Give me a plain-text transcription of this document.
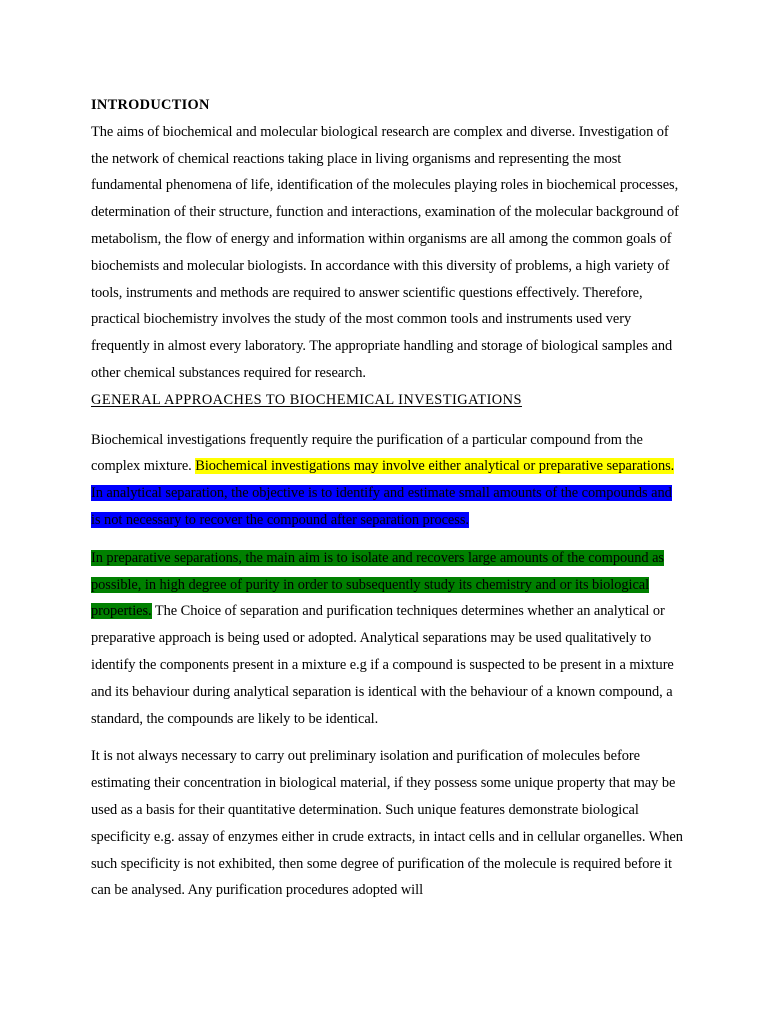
INTRODUCTION

The aims of biochemical and molecular biological research are complex and diverse. Investigation of the network of chemical reactions taking place in living organisms and representing the most fundamental phenomena of life, identification of the molecules playing roles in biochemical processes, determination of their structure, function and interactions, examination of the molecular background of metabolism, the flow of energy and information within organisms are all among the common goals of biochemists and molecular biologists. In accordance with this diversity of problems, a high variety of tools, instruments and methods are required to answer scientific questions effectively. Therefore, practical biochemistry involves the study of the most common tools and instruments used very frequently in almost every laboratory. The appropriate handling and storage of biological samples and other chemical substances required for research.

GENERAL APPROACHES TO BIOCHEMICAL INVESTIGATIONS

Biochemical investigations frequently require the purification of a particular compound from the complex mixture. Biochemical investigations may involve either analytical or preparative separations. In analytical separation, the objective is to identify and estimate small amounts of the compounds and is not necessary to recover the compound after separation process.

In preparative separations, the main aim is to isolate and recovers large amounts of the compound as possible, in high degree of purity in order to subsequently study its chemistry and or its biological properties. The Choice of separation and purification techniques determines whether an analytical or preparative approach is being used or adopted. Analytical separations may be used qualitatively to identify the components present in a mixture e.g if a compound is suspected to be present in a mixture and its behaviour during analytical separation is identical with the behaviour of a known compound, a standard, the compounds are likely to be identical.

It is not always necessary to carry out preliminary isolation and purification of molecules before estimating their concentration in biological material, if they possess some unique property that may be used as a basis for their quantitative determination. Such unique features demonstrate biological specificity e.g. assay of enzymes either in crude extracts, in intact cells and in cellular organelles. When such specificity is not exhibited, then some degree of purification of the molecule is required before it can be analysed. Any purification procedures adopted will
